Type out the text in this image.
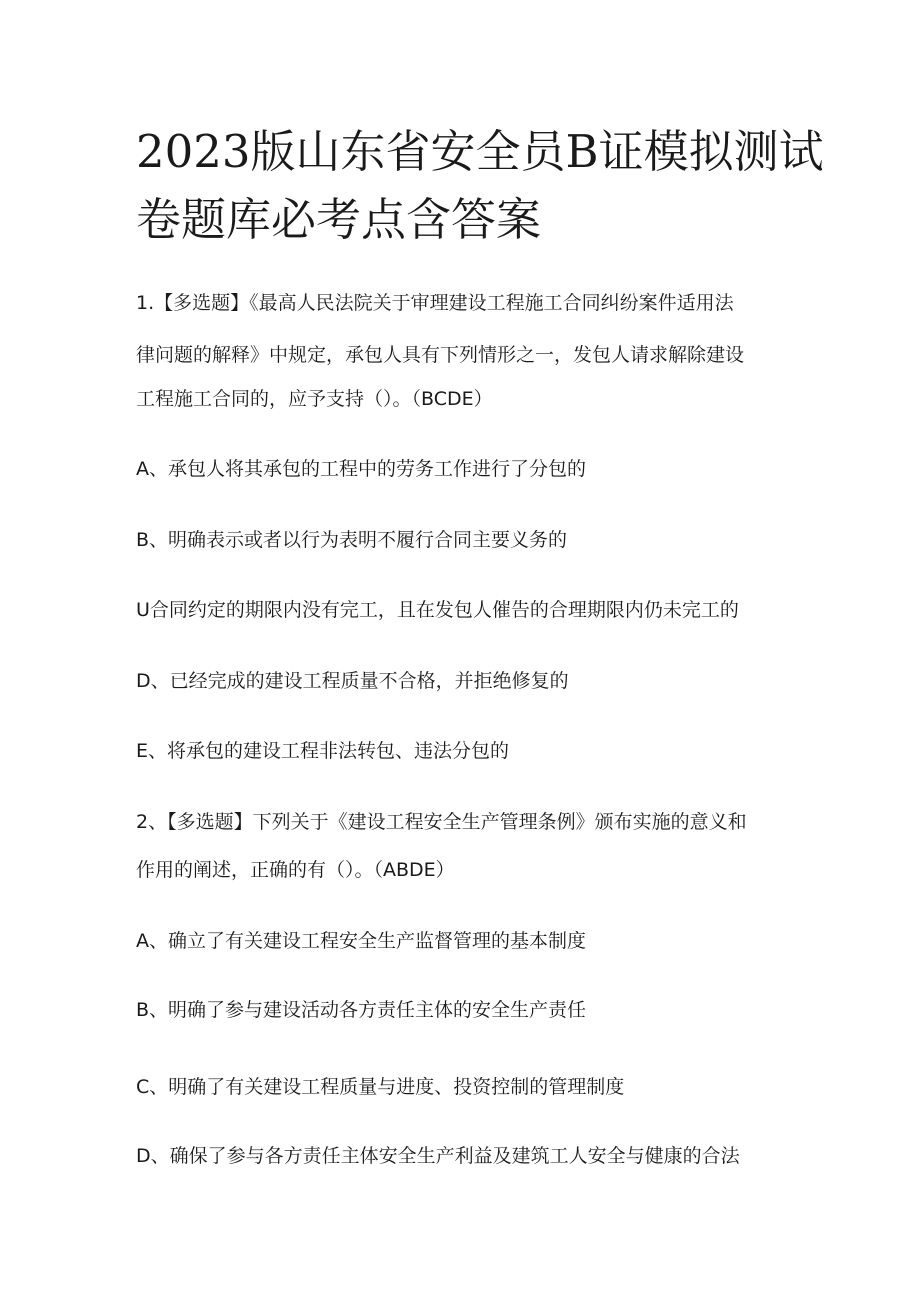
2023版山东省安全员B证模拟测试
卷题库必考点含答案

1.【多选题】《最高人民法院关于审理建设工程施工合同纠纷案件适用法

律问题的解释》中规定，承包人具有下列情形之一，发包人请求解除建设

工程施工合同的，应予支持（）。（BCDE）

A、承包人将其承包的工程中的劳务工作进行了分包的

B、明确表示或者以行为表明不履行合同主要义务的

U合同约定的期限内没有完工，且在发包人催告的合理期限内仍未完工的

D、已经完成的建设工程质量不合格，并拒绝修复的

E、将承包的建设工程非法转包、违法分包的

2、【多选题】下列关于《建设工程安全生产管理条例》颁布实施的意义和

作用的阐述，正确的有（）。（ABDE）

A、确立了有关建设工程安全生产监督管理的基本制度

B、明确了参与建设活动各方责任主体的安全生产责任

C、明确了有关建设工程质量与进度、投资控制的管理制度

D、确保了参与各方责任主体安全生产利益及建筑工人安全与健康的合法
